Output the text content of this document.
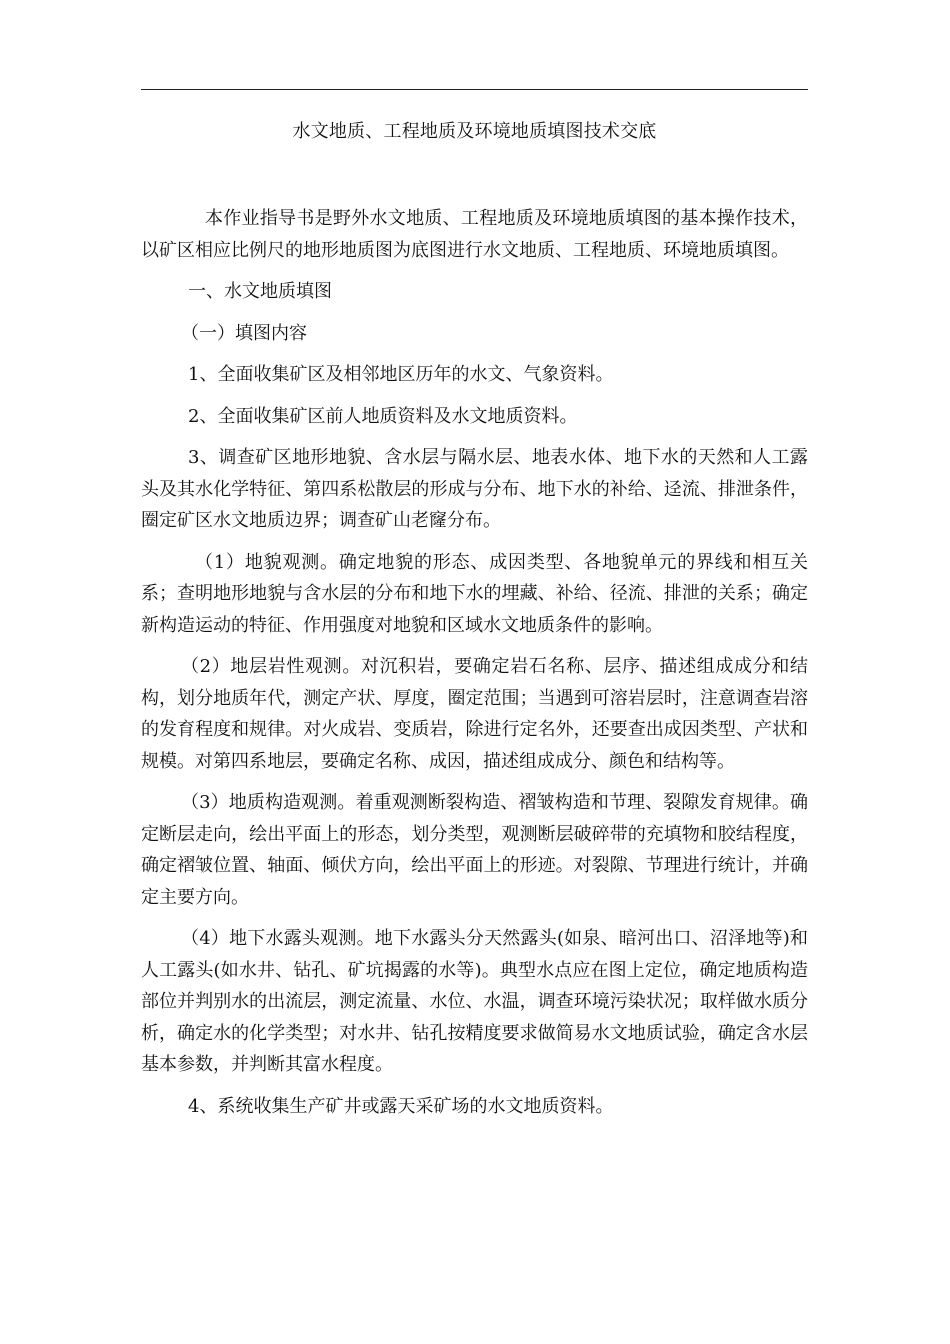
水文地质、工程地质及环境地质填图技术交底

本作业指导书是野外水文地质、工程地质及环境地质填图的基本操作技术，以矿区相应比例尺的地形地质图为底图进行水文地质、工程地质、环境地质填图。

一、水文地质填图

（一）填图内容

1、全面收集矿区及相邻地区历年的水文、气象资料。

2、全面收集矿区前人地质资料及水文地质资料。

3、调查矿区地形地貌、含水层与隔水层、地表水体、地下水的天然和人工露头及其水化学特征、第四系松散层的形成与分布、地下水的补给、迳流、排泄条件，圈定矿区水文地质边界；调查矿山老窿分布。

（1）地貌观测。确定地貌的形态、成因类型、各地貌单元的界线和相互关系；查明地形地貌与含水层的分布和地下水的埋藏、补给、径流、排泄的关系；确定新构造运动的特征、作用强度对地貌和区域水文地质条件的影响。

（2）地层岩性观测。对沉积岩，要确定岩石名称、层序、描述组成成分和结构，划分地质年代，测定产状、厚度，圈定范围；当遇到可溶岩层时，注意调查岩溶的发育程度和规律。对火成岩、变质岩，除进行定名外，还要查出成因类型、产状和规模。对第四系地层，要确定名称、成因，描述组成成分、颜色和结构等。

（3）地质构造观测。着重观测断裂构造、褶皱构造和节理、裂隙发育规律。确定断层走向，绘出平面上的形态，划分类型，观测断层破碎带的充填物和胶结程度，确定褶皱位置、轴面、倾伏方向，绘出平面上的形迹。对裂隙、节理进行统计，并确定主要方向。

（4）地下水露头观测。地下水露头分天然露头(如泉、暗河出口、沼泽地等)和人工露头(如水井、钻孔、矿坑揭露的水等)。典型水点应在图上定位，确定地质构造部位并判别水的出流层，测定流量、水位、水温，调查环境污染状况；取样做水质分析，确定水的化学类型；对水井、钻孔按精度要求做简易水文地质试验，确定含水层基本参数，并判断其富水程度。

4、系统收集生产矿井或露天采矿场的水文地质资料。
